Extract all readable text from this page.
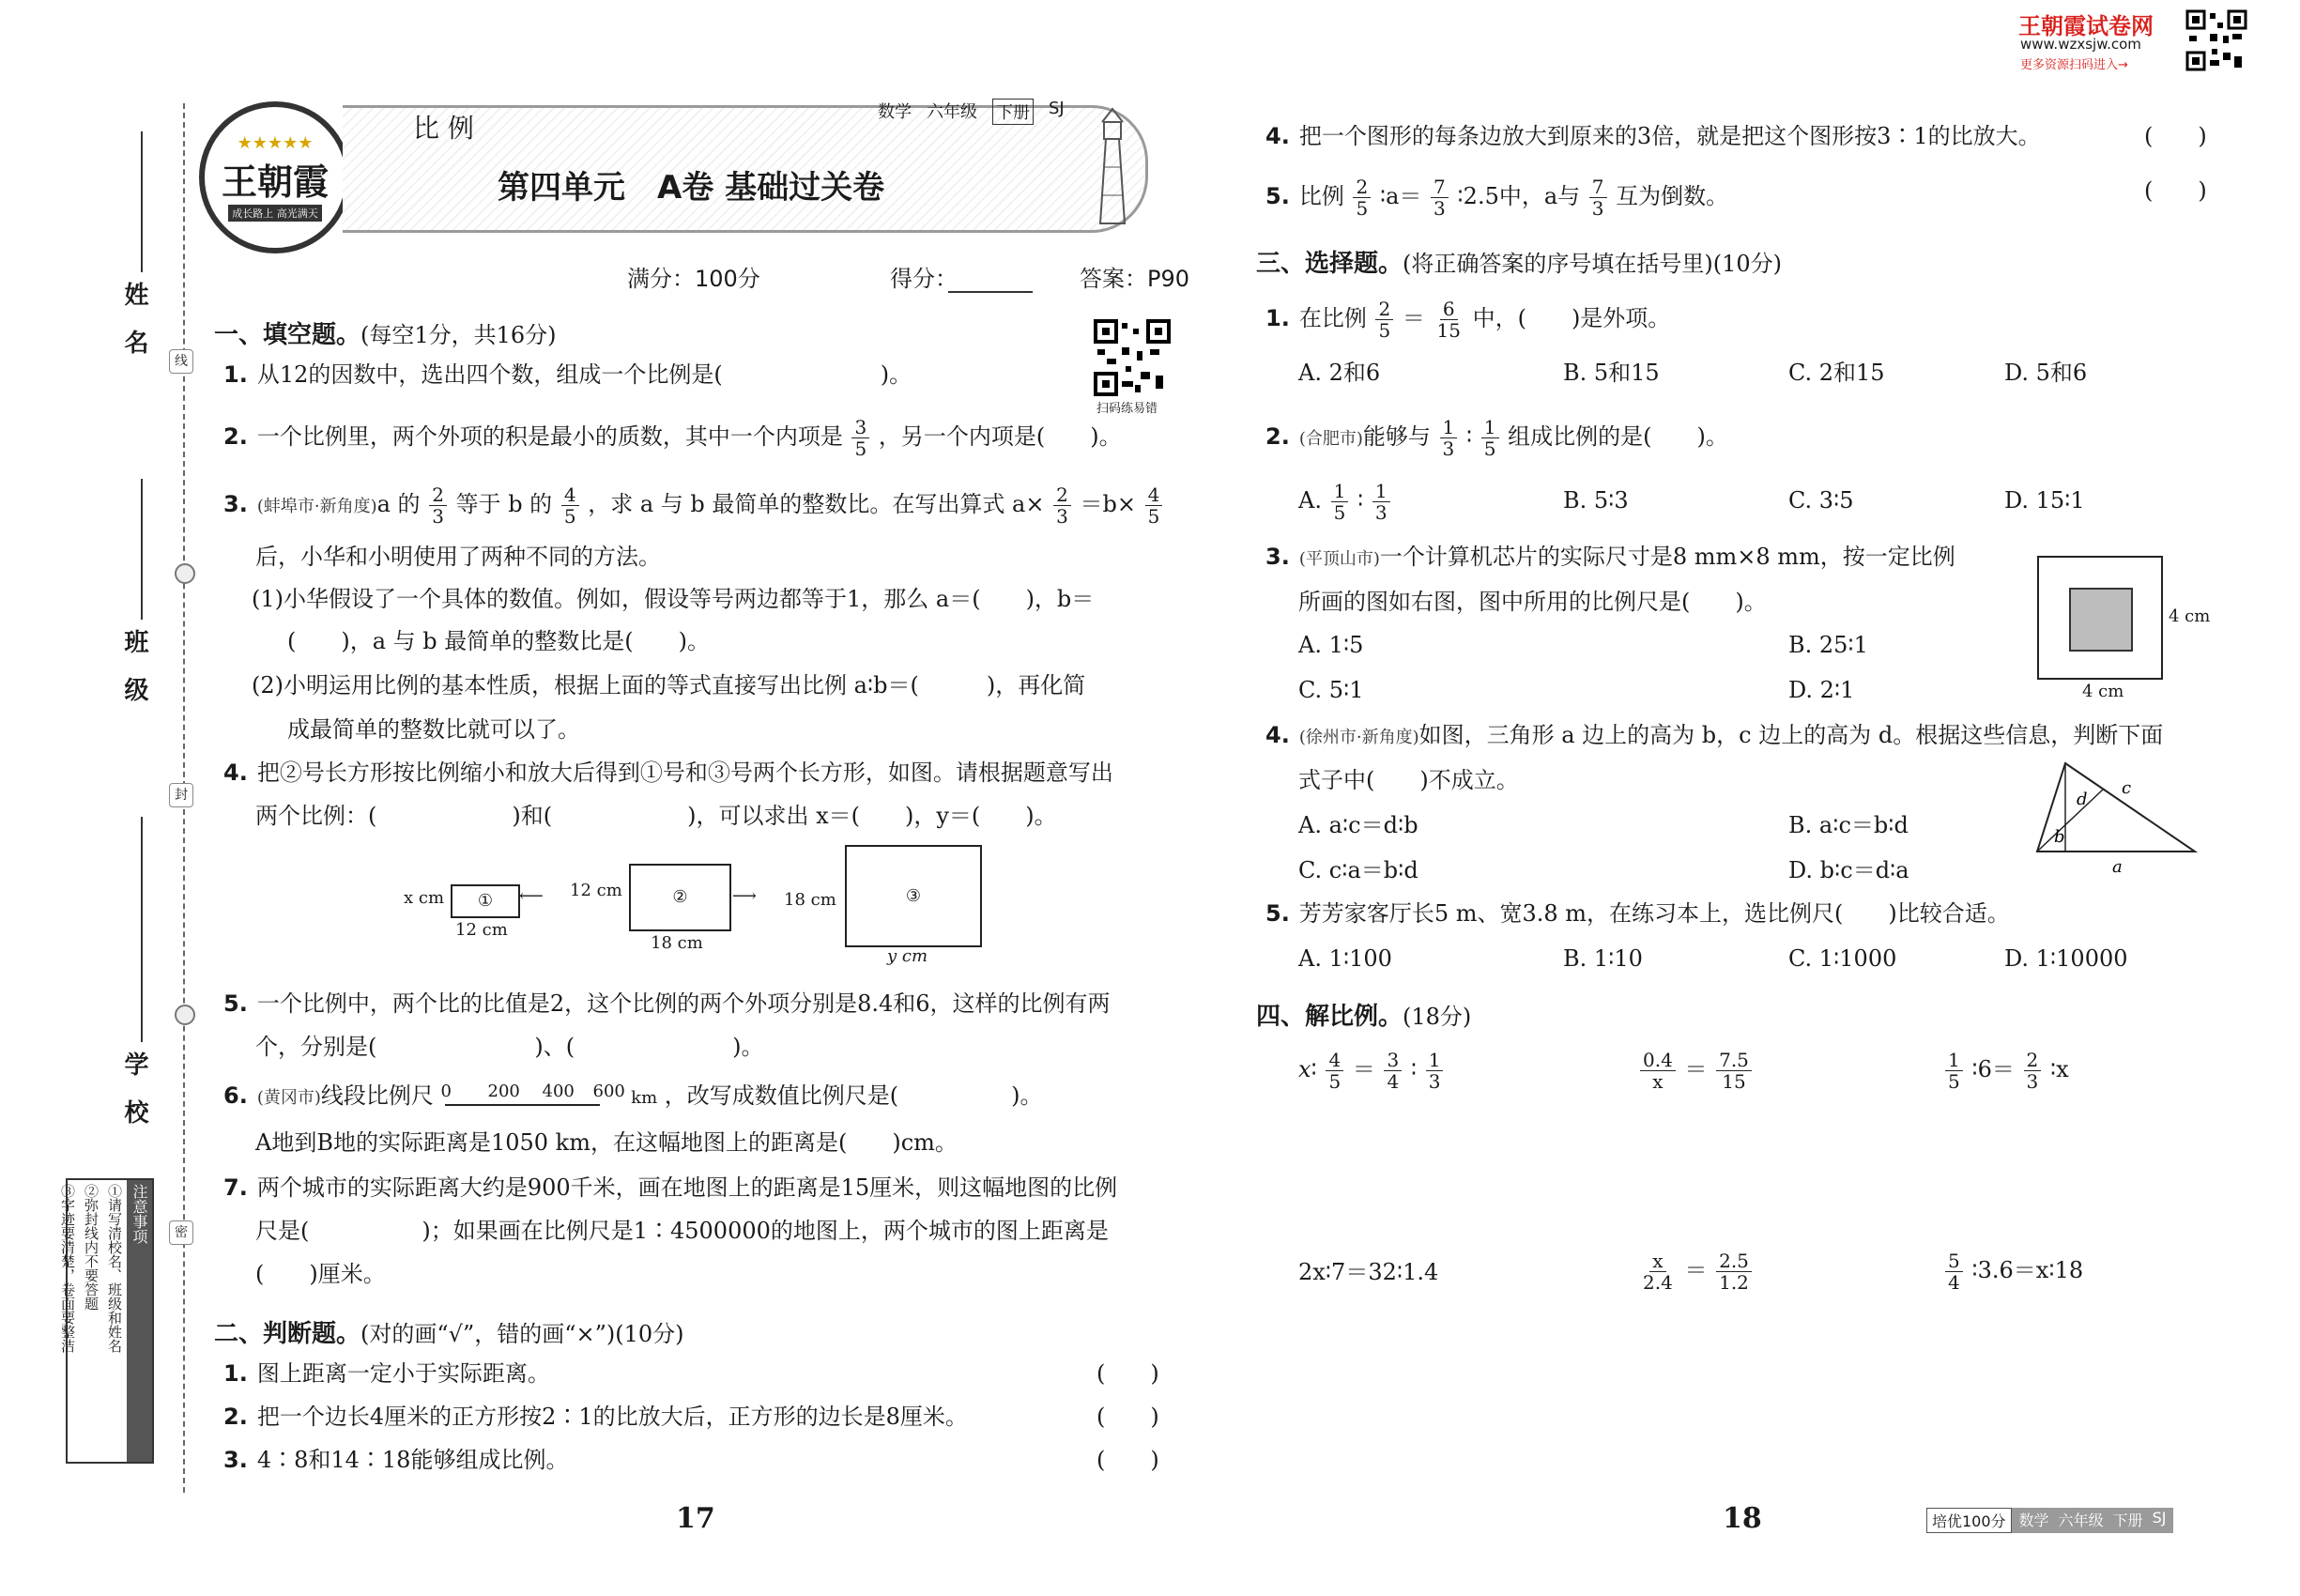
线
封
密
姓 名
班 级
学 校
注意事项
①请写清校名、班级和姓名
②弥封线内不要答题
③字迹要清楚，卷面要整洁
★★★★★
王朝霞
成长路上 高光满天
比 例
数学 六年级 下册 SJ
第四单元　A卷 基础过关卷
满分：100分	得分：	答案：P90
扫码练易错
王朝霞试卷网
www.wzxsjw.com
更多资源扫码进入→
一、填空题。(每空1分，共16分)
1. 从12的因数中，选出四个数，组成一个比例是(　　　　　　　)。
2. 一个比例里，两个外项的积是最小的质数，其中一个内项是 $\frac{3}{5}$ ，另一个内项是(　　)。
3. (蚌埠市·新角度)a 的 $\frac{2}{3}$ 等于 b 的 $\frac{4}{5}$ ，求 a 与 b 最简单的整数比。在写出算式 $a\times \frac{2}{3} =b\times \frac{4}{5}$
后，小华和小明使用了两种不同的方法。
(1)小华假设了一个具体的数值。例如，假设等号两边都等于1，那么 a＝(　　)，b＝
(　　)，a 与 b 最简单的整数比是(　　)。
(2)小明运用比例的基本性质，根据上面的等式直接写出比例 a∶b＝(　　　)，再化简
成最简单的整数比就可以了。
4. 把②号长方形按比例缩小和放大后得到①号和③号两个长方形，如图。请根据题意写出
两个比例：(　　　　　　)和(　　　　　　)，可以求出 x＝(　　)，y＝(　　)。
x cm	①
12 cm
⟵ 12 cm	②
18 cm
⟶ 18 cm	③
y cm
5. 一个比例中，两个比的比值是2，这个比例的两个外项分别是8.4和6，这样的比例有两
个，分别是(　　　　　　　)、(　　　　　　　)。
6. (黄冈市)线段比例尺 0 200 400 600 km ，改写成数值比例尺是(　　　　　)。
A地到B地的实际距离是1050 km，在这幅地图上的距离是(　　)cm。
7. 两个城市的实际距离大约是900千米，画在地图上的距离是15厘米，则这幅地图的比例
尺是(　　　　　)；如果画在比例尺是1∶4500000的地图上，两个城市的图上距离是
(　　)厘米。
二、判断题。(对的画“√”，错的画“×”)(10分)
1. 图上距离一定小于实际距离。	(　　)
2. 把一个边长4厘米的正方形按2∶1的比放大后，正方形的边长是8厘米。	(　　)
3. 4∶8和14∶18能够组成比例。	(　　)
17
4. 把一个图形的每条边放大到原来的3倍，就是把这个图形按3∶1的比放大。	(　　)
5. 比例 $\frac{2}{5}$ ∶a＝ $\frac{7}{3}$ ∶2.5中，a与 $\frac{7}{3}$ 互为倒数。	(　　)
三、选择题。(将正确答案的序号填在括号里)(10分)
1. 在比例 $\frac{2}{5} = \frac{6}{15}$ 中，(　　)是外项。
A. 2和6	B. 5和15	C. 2和15	D. 5和6
2. (合肥市)能够与 $\frac{1}{3}$ ∶ $\frac{1}{5}$ 组成比例的是(　　)。
A. $\frac{1}{5}$ ∶ $\frac{1}{3}$	B. 5∶3	C. 3∶5	D. 15∶1
3. (平顶山市)一个计算机芯片的实际尺寸是8 mm×8 mm，按一定比例
所画的图如右图，图中所用的比例尺是(　　)。
A. 1∶5	B. 25∶1
C. 5∶1	D. 2∶1
4 cm
4 cm
4. (徐州市·新角度)如图，三角形 a 边上的高为 b，c 边上的高为 d。根据这些信息，判断下面
式子中(　　)不成立。
A. a∶c＝d∶b	B. a∶c＝b∶d
C. c∶a＝b∶d	D. b∶c＝d∶a
c
d
b
a
5. 芳芳家客厅长5 m、宽3.8 m，在练习本上，选比例尺(　　)比较合适。
A. 1∶100	B. 1∶10	C. 1∶1000	D. 1∶10000
四、解比例。(18分)
x∶ $\frac{4}{5} = \frac{3}{4}$ ∶ $\frac{1}{3}$	$\frac{0.4}{x} = \frac{7.5}{15}$	$\frac{1}{5}$ ∶6＝ $\frac{2}{3}$ ∶x
2x∶7＝32∶1.4	$\frac{x}{2.4} = \frac{2.5}{1.2}$	$\frac{5}{4}$ ∶3.6＝x∶18
18	培优100分 数学 六年级 下册 SJ
